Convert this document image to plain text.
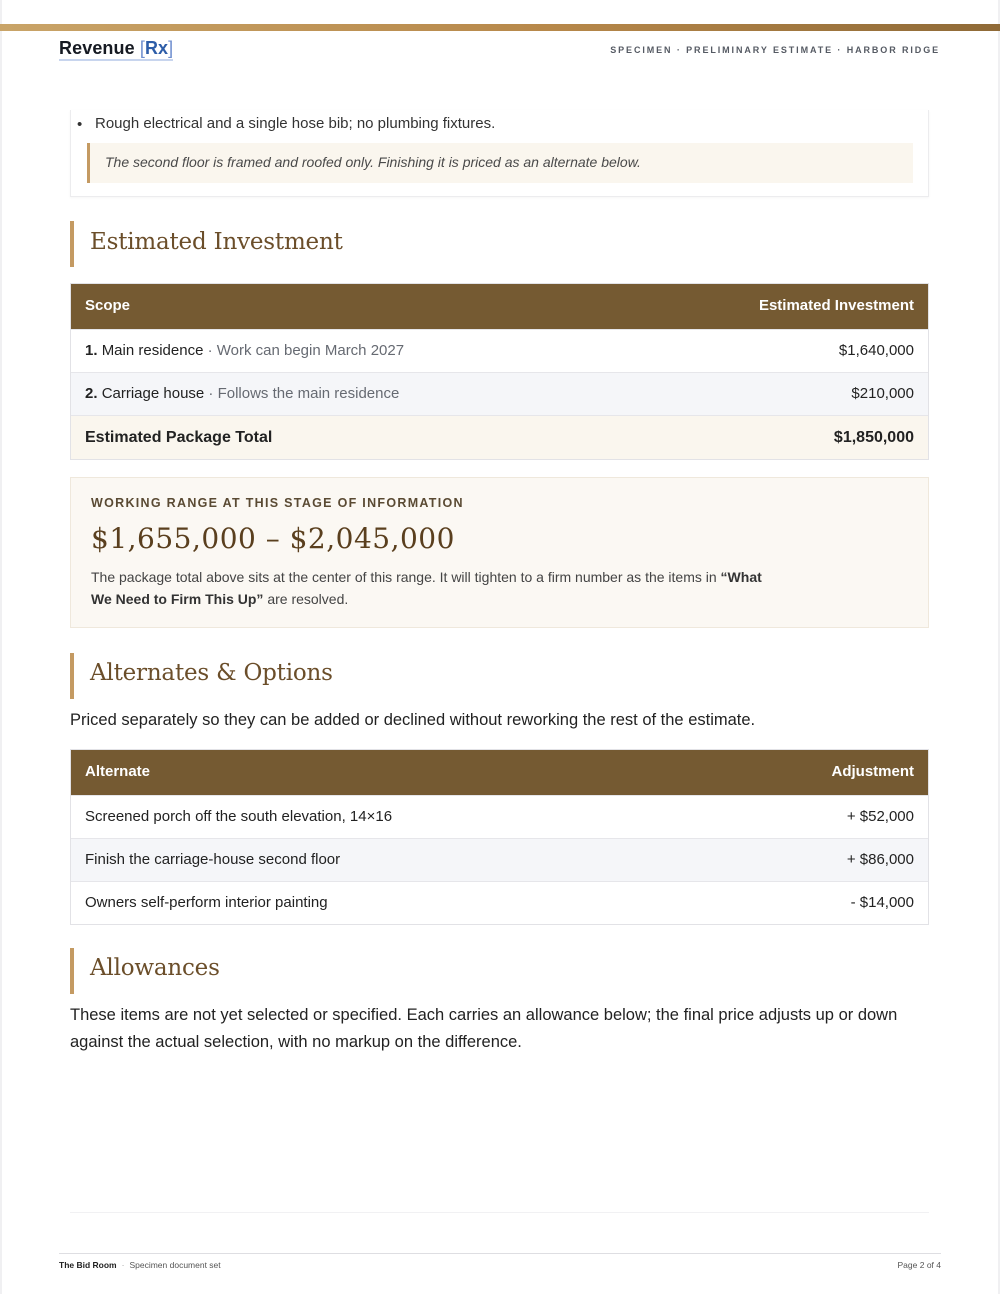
Revenue [Rx]	SPECIMEN · PRELIMINARY ESTIMATE · HARBOR RIDGE
• Rough electrical and a single hose bib; no plumbing fixtures.
The second floor is framed and roofed only. Finishing it is priced as an alternate below.
Estimated Investment
Scope	Estimated Investment
1. Main residence · Work can begin March 2027	$1,640,000
2. Carriage house · Follows the main residence	$210,000
Estimated Package Total	$1,850,000
WORKING RANGE AT THIS STAGE OF INFORMATION
$1,655,000 – $2,045,000
The package total above sits at the center of this range. It will tighten to a firm number as the items in “What We Need to Firm This Up” are resolved.
Alternates & Options
Priced separately so they can be added or declined without reworking the rest of the estimate.
Alternate	Adjustment
Screened porch off the south elevation, 14×16	+ $52,000
Finish the carriage-house second floor	+ $86,000
Owners self-perform interior painting	- $14,000
Allowances
These items are not yet selected or specified. Each carries an allowance below; the final price adjusts up or down against the actual selection, with no markup on the difference.
The Bid Room · Specimen document set	Page 2 of 4
